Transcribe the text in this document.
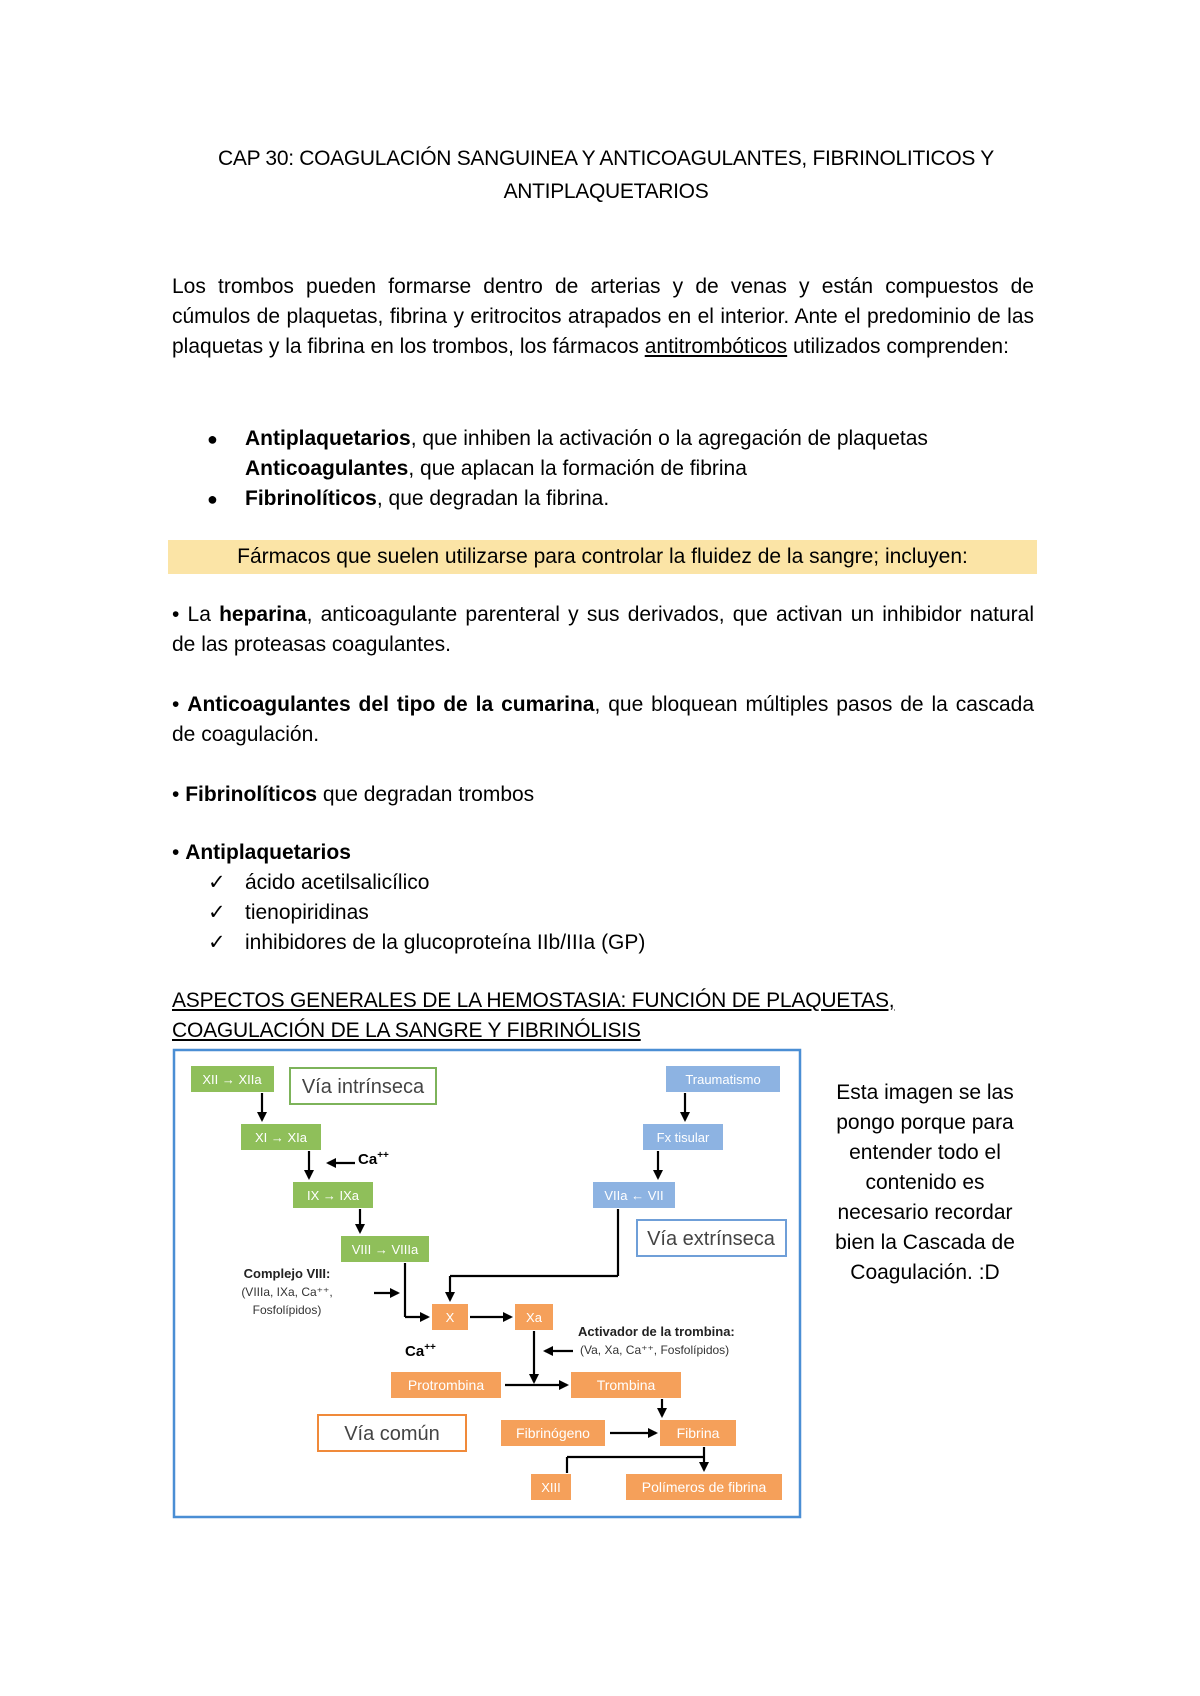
CAP 30: COAGULACIÓN SANGUINEA Y ANTICOAGULANTES, FIBRINOLITICOS Y
ANTIPLAQUETARIOS
Los trombos pueden formarse dentro de arterias y de venas y están compuestos de cúmulos de plaquetas, fibrina y eritrocitos atrapados en el interior. Ante el predominio de las plaquetas y la fibrina en los trombos, los fármacos antitrombóticos utilizados comprenden:
● Antiplaquetarios, que inhiben la activación o la agregación de plaquetas
Anticoagulantes, que aplacan la formación de fibrina
● Fibrinolíticos, que degradan la fibrina.
Fármacos que suelen utilizarse para controlar la fluidez de la sangre; incluyen:
• La heparina, anticoagulante parenteral y sus derivados, que activan un inhibidor natural de las proteasas coagulantes.
• Anticoagulantes del tipo de la cumarina, que bloquean múltiples pasos de la cascada de coagulación.
• Fibrinolíticos que degradan trombos
• Antiplaquetarios
✓ ácido acetilsalicílico
✓ tienopiridinas
✓ inhibidores de la glucoproteína IIb/IIIa (GP)
ASPECTOS GENERALES DE LA HEMOSTASIA: FUNCIÓN DE PLAQUETAS, COAGULACIÓN DE LA SANGRE Y FIBRINÓLISIS
XII → XIIa Vía intrínseca
XI → XIa
IX → IXa
VIII → VIIIa
Traumatismo
Fx tisular
VIIa ← VII
Vía extrínseca
X	Xa
Protrombina	Trombina
Vía común	Fibrinógeno	Fibrina
XIII	Polímeros de fibrina
Ca++
Complejo VIII:
(VIIIa, IXa, Ca⁺⁺,
Fosfolípidos)
Ca++
Activador de la trombina:
(Va, Xa, Ca⁺⁺, Fosfolípidos)
Esta imagen se las pongo porque para entender todo el contenido es necesario recordar bien la Cascada de Coagulación. :D
